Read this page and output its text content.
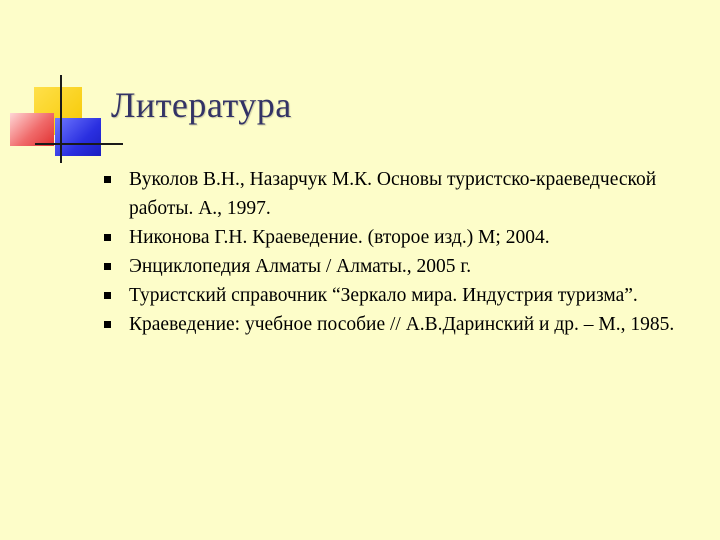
Литература
Вуколов В.Н., Назарчук М.К. Основы туристско-краеведческой работы. А., 1997.
Никонова Г.Н. Краеведение. (второе изд.) М; 2004.
Энциклопедия Алматы / Алматы., 2005 г.
Туристский справочник “Зеркало мира. Индустрия туризма”.
Краеведение: учебное пособие // А.В.Даринский и др. – М., 1985.
